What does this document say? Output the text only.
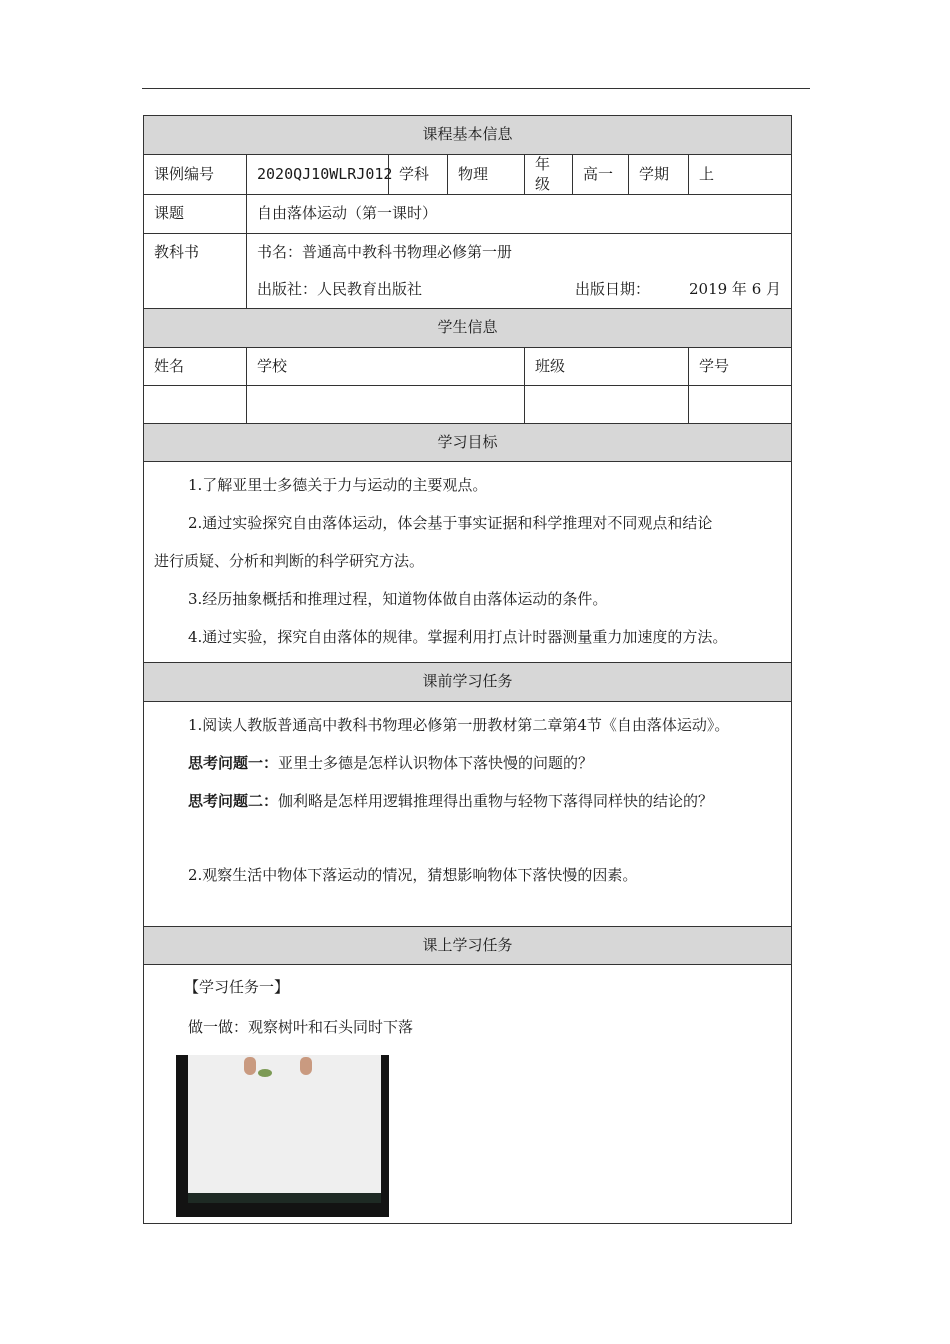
课程基本信息							
课例编号	2020QJ10WLRJ012	学科	物理	年级	高一	学期	上
课题	自由落体运动（第一课时）						

教科书	书名：普通高中教科书物理必修第一册
出版社：人民教育出版社 出版日期： 2019 年 6 月						

学生信息							
姓名	学校			班级			学号

学习目标							

1.了解亚里士多德关于力与运动的主要观点。

2.通过实验探究自由落体运动，体会基于事实证据和科学推理对不同观点和结论

进行质疑、分析和判断的科学研究方法。

3.经历抽象概括和推理过程，知道物体做自由落体运动的条件。

4.通过实验，探究自由落体的规律。掌握利用打点计时器测量重力加速度的方法。							

课前学习任务							

1.阅读人教版普通高中教科书物理必修第一册教材第二章第4节《自由落体运动》。

思考问题一：亚里士多德是怎样认识物体下落快慢的问题的？

思考问题二：伽利略是怎样用逻辑推理得出重物与轻物下落得同样快的结论的？

2.观察生活中物体下落运动的情况，猜想影响物体下落快慢的因素。							

课上学习任务							

【学习任务一】

做一做：观察树叶和石头同时下落							
